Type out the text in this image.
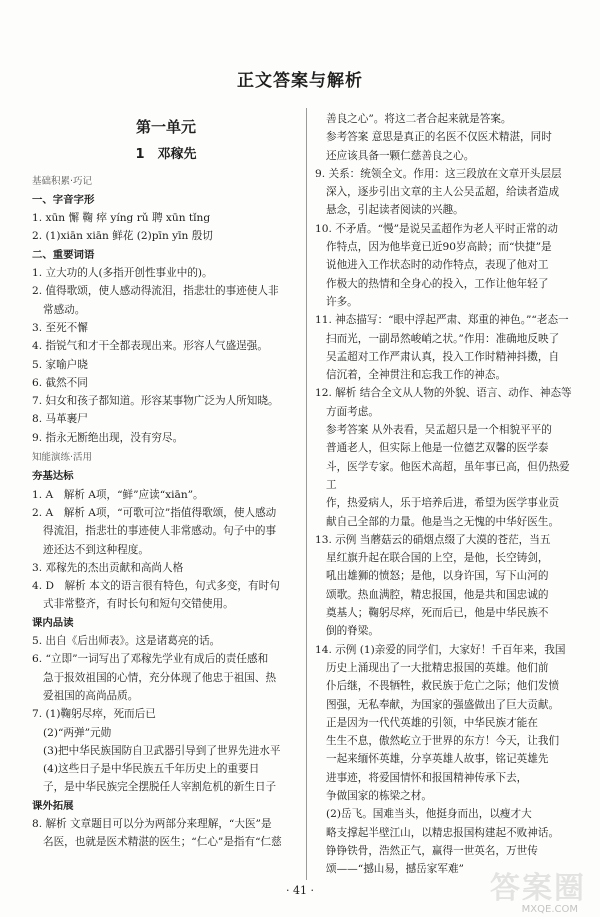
正文答案与解析
第一单元
1　邓稼先
基础积累·巧记
一、字音字形

1. xūn 懈 鞠 瘁 yíng rǔ 聘 xūn tǐng

2. (1)xiān xiān 鲜花 (2)pīn yīn 殷切

二、重要词语

1. 立大功的人(多指开创性事业中的)。

2. 值得歌颂，使人感动得流泪，指悲壮的事迹使人非

常感动。

3. 至死不懈

4. 指锐气和才干全都表现出来。形容人气盛逞强。

5. 家喻户晓

6. 截然不同

7. 妇女和孩子都知道。形容某事物广泛为人所知晓。

8. 马革裹尸

9. 指永无断绝出现，没有穷尽。

知能演练·活用
夯基达标

1. A　解析 A项，“鲜”应读“xiān”。

2. A　解析 A项，“可歌可泣”指值得歌颂，使人感动

得流泪，指悲壮的事迹使人非常感动。句子中的事

迹还达不到这种程度。

3. 邓稼先的杰出贡献和高尚人格

4. D　解析 本文的语言很有特色，句式多变，有时句

式非常整齐，有时长句和短句交错使用。

课内品读

5. 出自《后出师表》。这是诸葛亮的话。

6. “立即”一词写出了邓稼先学业有成后的责任感和

急于报效祖国的心情，充分体现了他忠于祖国、热

爱祖国的高尚品质。

7. (1)鞠躬尽瘁，死而后已

(2)“两弹”元勋

(3)把中华民族国防自卫武器引导到了世界先进水平

(4)这些日子是中华民族五千年历史上的重要日

子，是中华民族完全摆脱任人宰割危机的新生日子

课外拓展

8. 解析 文章题目可以分为两部分来理解，“大医”是

名医，也就是医术精湛的医生；“仁心”是指有“仁慈

善良之心”。将这二者合起来就是答案。

参考答案 意思是真正的名医不仅医术精湛，同时

还应该具备一颗仁慈善良之心。

9. 关系：统领全文。作用：这三段放在文章开头层层

深入，逐步引出文章的主人公吴孟超，给读者造成

悬念，引起读者阅读的兴趣。

10. 不矛盾。“慢”是说吴孟超作为老人平时正常的动

作特点，因为他毕竟已近90岁高龄；而“快捷”是

说他进入工作状态时的动作特点，表现了他对工

作极大的热情和全身心的投入，工作让他年轻了

许多。

11. 神态描写：“眼中浮起严肃、郑重的神色。”“老态一

扫而光，一副昂然峻峭之状。”作用：准确地反映了

吴孟超对工作严肃认真，投入工作时精神抖擞，自

信沉着，全神贯注和忘我工作的神态。

12. 解析 结合全文从人物的外貌、语言、动作、神态等

方面考虑。

参考答案 从外表看，吴孟超只是一个相貌平平的

普通老人，但实际上他是一位德艺双馨的医学泰

斗，医学专家。他医术高超，虽年事已高，但仍热爱工

作，热爱病人，乐于培养后进，希望为医学事业贡

献自己全部的力量。他是当之无愧的中华好医生。

13. 示例 当蘑菇云的硝烟点缀了大漠的苍茫，当五

星红旗升起在联合国的上空，是他，长空铸剑，

吼出雄狮的愤怒；是他，以身许国，写下山河的

颂歌。热血满腔，精忠报国，他是共和国忠诚的

奠基人；鞠躬尽瘁，死而后已，他是中华民族不

倒的脊梁。

14. 示例 (1)亲爱的同学们，大家好！千百年来，我国

历史上涌现出了一大批精忠报国的英雄。他们前

仆后继，不畏牺牲，救民族于危亡之际；他们发愤

图强，无私奉献，为国家的强盛做出了巨大贡献。

正是因为一代代英雄的引领，中华民族才能在

生生不息，傲然屹立于世界的东方！今天，让我们

一起来缅怀英雄，分享英雄人故事，铭记英雄先

进事迹，将爱国情怀和报国精神传承下去，

争做国家的栋梁之材。

(2)岳飞。国难当头，他挺身而出，以瘦才大

略支撑起半壁江山，以精忠报国构建起不败神话。

铮铮铁骨，浩然正气，赢得一世英名，万世传

颂——“撼山易，撼岳家军难”

· 41 ·	答案圈
MXQE.COM
